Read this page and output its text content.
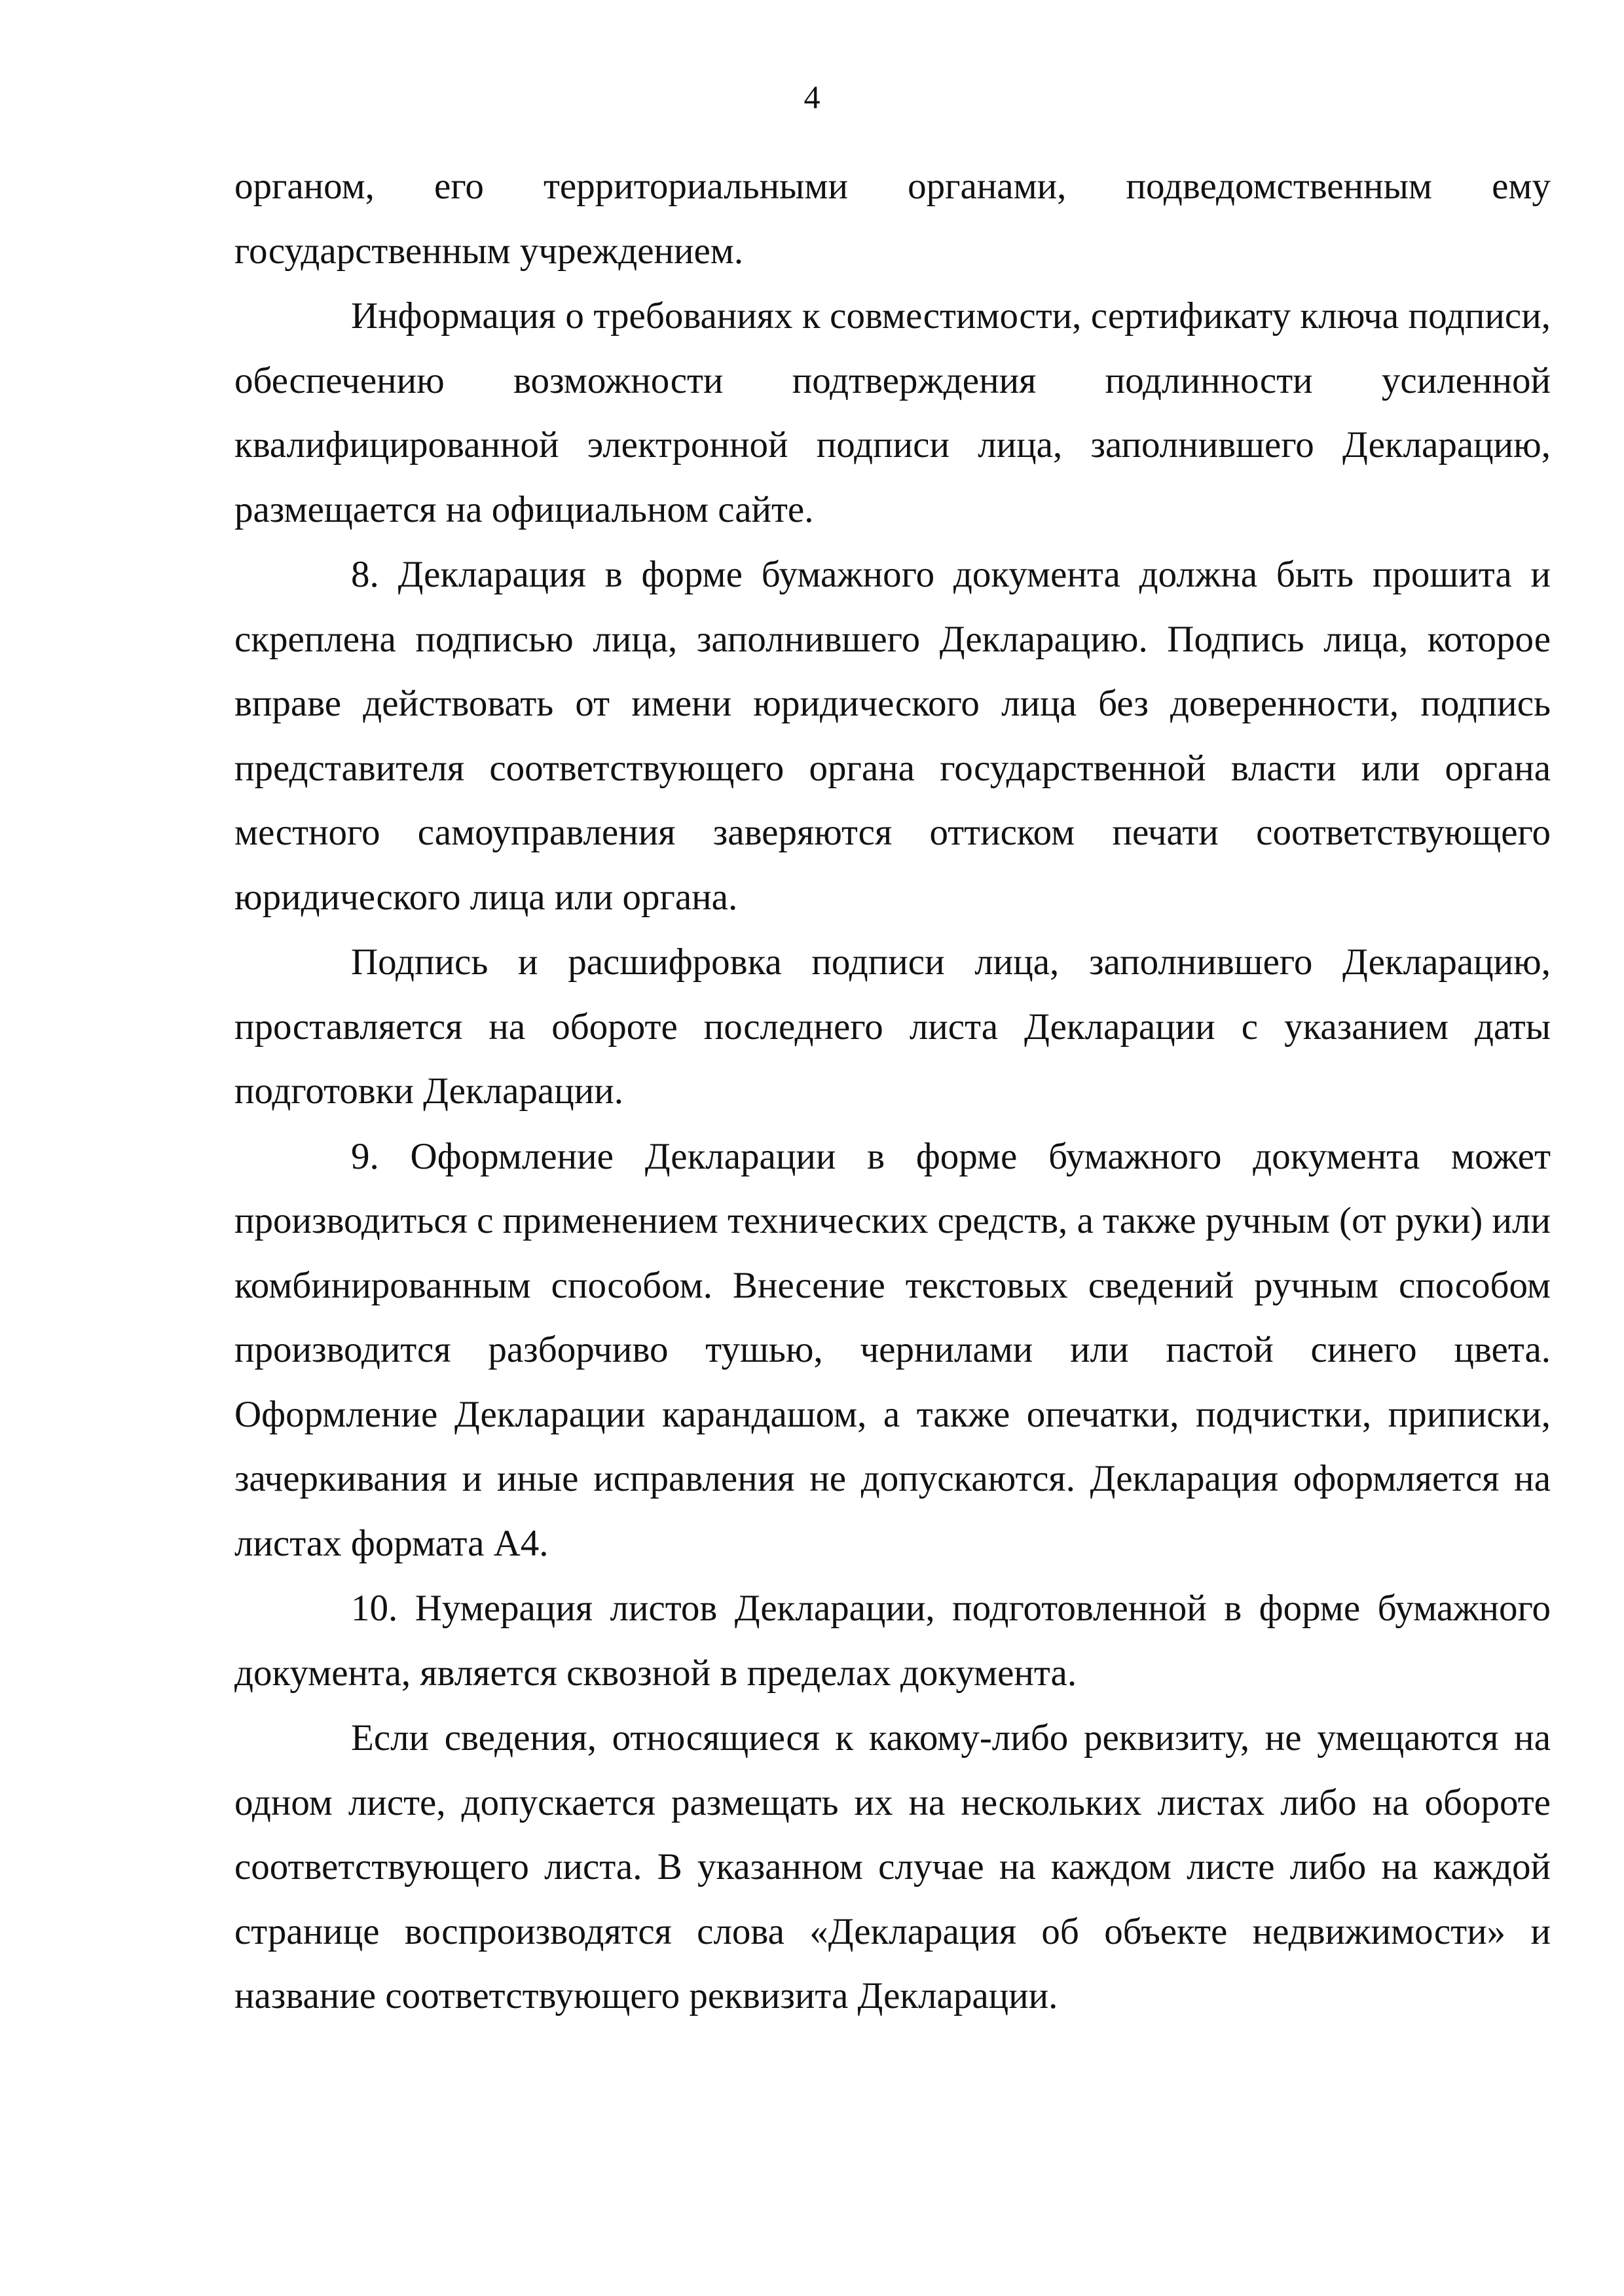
4

органом, его территориальными органами, подведомственным ему государственным учреждением.

Информация о требованиях к совместимости, сертификату ключа подписи, обеспечению возможности подтверждения подлинности усиленной квалифицированной электронной подписи лица, заполнившего Декларацию, размещается на официальном сайте.

8. Декларация в форме бумажного документа должна быть прошита и скреплена подписью лица, заполнившего Декларацию. Подпись лица, которое вправе действовать от имени юридического лица без доверенности, подпись представителя соответствующего органа государственной власти или органа местного самоуправления заверяются оттиском печати соответствующего юридического лица или органа.

Подпись и расшифровка подписи лица, заполнившего Декларацию, проставляется на обороте последнего листа Декларации с указанием даты подготовки Декларации.

9. Оформление Декларации в форме бумажного документа может производиться с применением технических средств, а также ручным (от руки) или комбинированным способом. Внесение текстовых сведений ручным способом производится разборчиво тушью, чернилами или пастой синего цвета. Оформление Декларации карандашом, а также опечатки, подчистки, приписки, зачеркивания и иные исправления не допускаются. Декларация оформляется на листах формата А4.

10. Нумерация листов Декларации, подготовленной в форме бумажного документа, является сквозной в пределах документа.

Если сведения, относящиеся к какому-либо реквизиту, не умещаются на одном листе, допускается размещать их на нескольких листах либо на обороте соответствующего листа. В указанном случае на каждом листе либо на каждой странице воспроизводятся слова «Декларация об объекте недвижимости» и название соответствующего реквизита Декларации.
